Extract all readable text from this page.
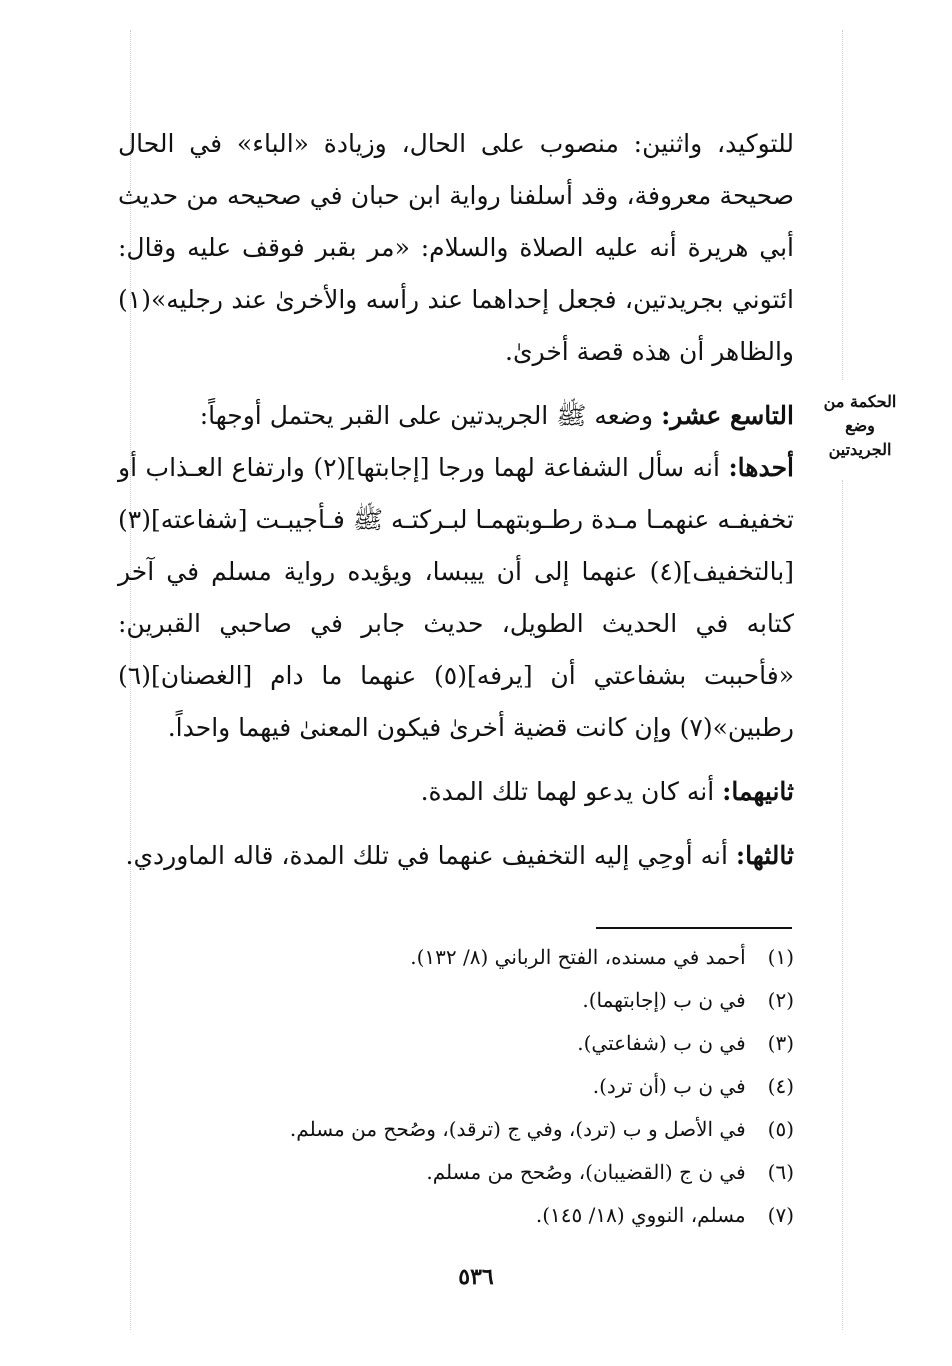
للتوكيد، واثنين: منصوب على الحال، وزيادة «الباء» في الحال صحيحة معروفة، وقد أسلفنا رواية ابن حبان في صحيحه من حديث أبي هريرة أنه عليه الصلاة والسلام: «مر بقبر فوقف عليه وقال: ائتوني بجريدتين، فجعل إحداهما عند رأسه والأخرىٰ عند رجليه»(١) والظاهر أن هذه قصة أخرىٰ.

التاسع عشر: وضعه ﷺ الجريدتين على القبر يحتمل أوجهاً:

أحدها: أنه سأل الشفاعة لهما ورجا [إجابتها](٢) وارتفاع العـذاب أو تخفيفـه عنهمـا مـدة رطـوبتهمـا لبـركتـه ﷺ فـأجيبـت [شفاعته](٣) [بالتخفيف](٤) عنهما إلى أن ييبسا، ويؤيده رواية مسلم في آخر كتابه في الحديث الطويل، حديث جابر في صاحبي القبرين: «فأحببت بشفاعتي أن [يرفه](٥) عنهما ما دام [الغصنان](٦) رطبين»(٧) وإن كانت قضية أخرىٰ فيكون المعنىٰ فيهما واحداً.

ثانيهما: أنه كان يدعو لهما تلك المدة.

ثالثها: أنه أوحِي إليه التخفيف عنهما في تلك المدة، قاله الماوردي.

الحكمة من وضع الجريدتين
(١) أحمد في مسنده، الفتح الرباني (٨/ ١٣٢).
(٢) في ن ب (إجابتهما).
(٣) في ن ب (شفاعتي).
(٤) في ن ب (أن ترد).
(٥) في الأصل و ب (ترد)، وفي ج (ترقد)، وصُحح من مسلم.
(٦) في ن ج (القضيبان)، وصُحح من مسلم.
(٧) مسلم، النووي (١٨/ ١٤٥).
٥٣٦
